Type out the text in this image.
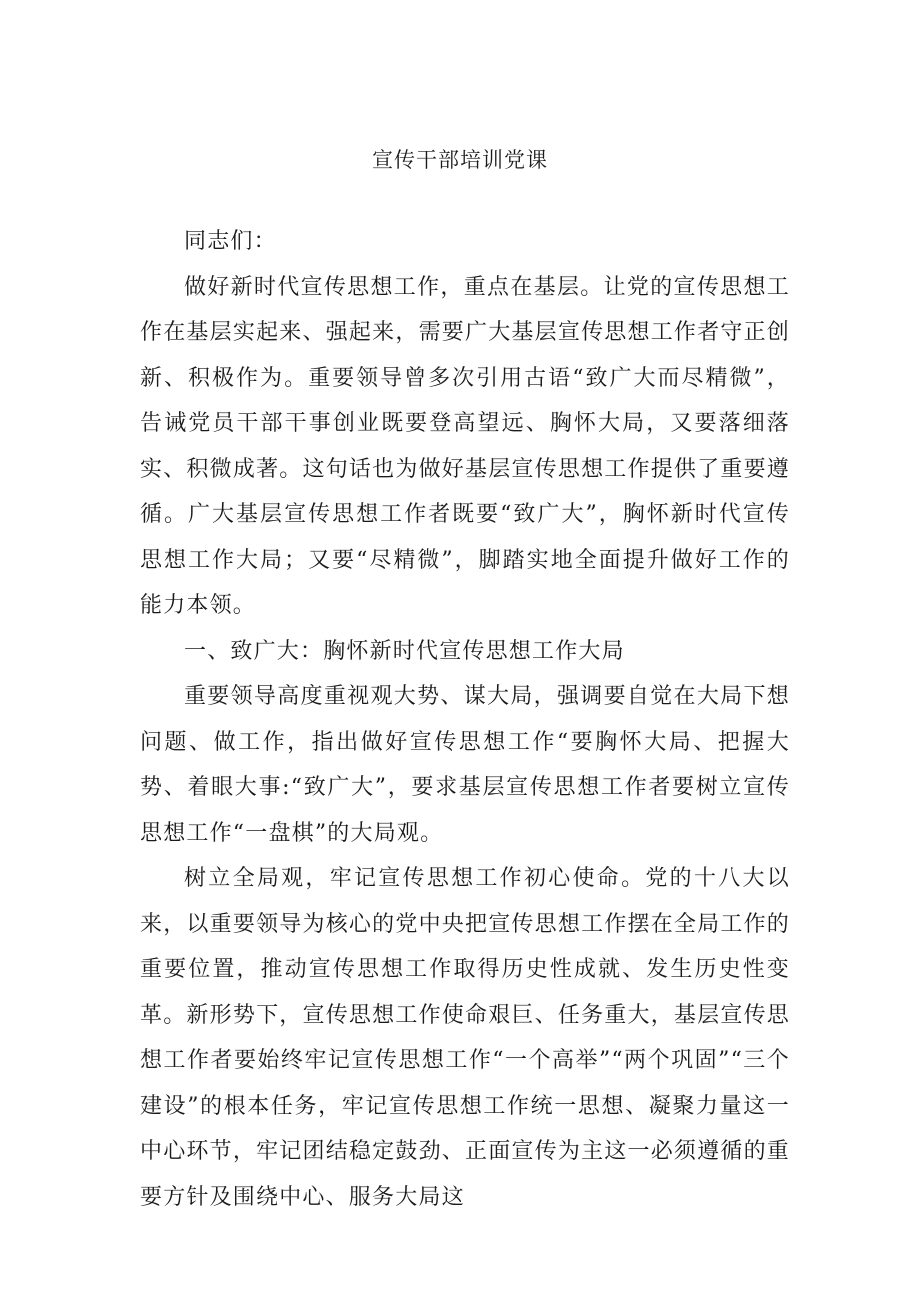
宣传干部培训党课

同志们：

做好新时代宣传思想工作，重点在基层。让党的宣传思想工作在基层实起来、强起来，需要广大基层宣传思想工作者守正创新、积极作为。重要领导曾多次引用古语“致广大而尽精微”，告诫党员干部干事创业既要登高望远、胸怀大局，又要落细落实、积微成著。这句话也为做好基层宣传思想工作提供了重要遵循。广大基层宣传思想工作者既要“致广大”，胸怀新时代宣传思想工作大局；又要“尽精微”，脚踏实地全面提升做好工作的能力本领。

一、致广大：胸怀新时代宣传思想工作大局

重要领导高度重视观大势、谋大局，强调要自觉在大局下想问题、做工作，指出做好宣传思想工作“要胸怀大局、把握大势、着眼大事:“致广大”，要求基层宣传思想工作者要树立宣传思想工作“一盘棋”的大局观。

树立全局观，牢记宣传思想工作初心使命。党的十八大以来，以重要领导为核心的党中央把宣传思想工作摆在全局工作的重要位置，推动宣传思想工作取得历史性成就、发生历史性变革。新形势下，宣传思想工作使命艰巨、任务重大，基层宣传思想工作者要始终牢记宣传思想工作“一个高举”“两个巩固”“三个建设”的根本任务，牢记宣传思想工作统一思想、凝聚力量这一中心环节，牢记团结稳定鼓劲、正面宣传为主这一必须遵循的重要方针及围绕中心、服务大局这
